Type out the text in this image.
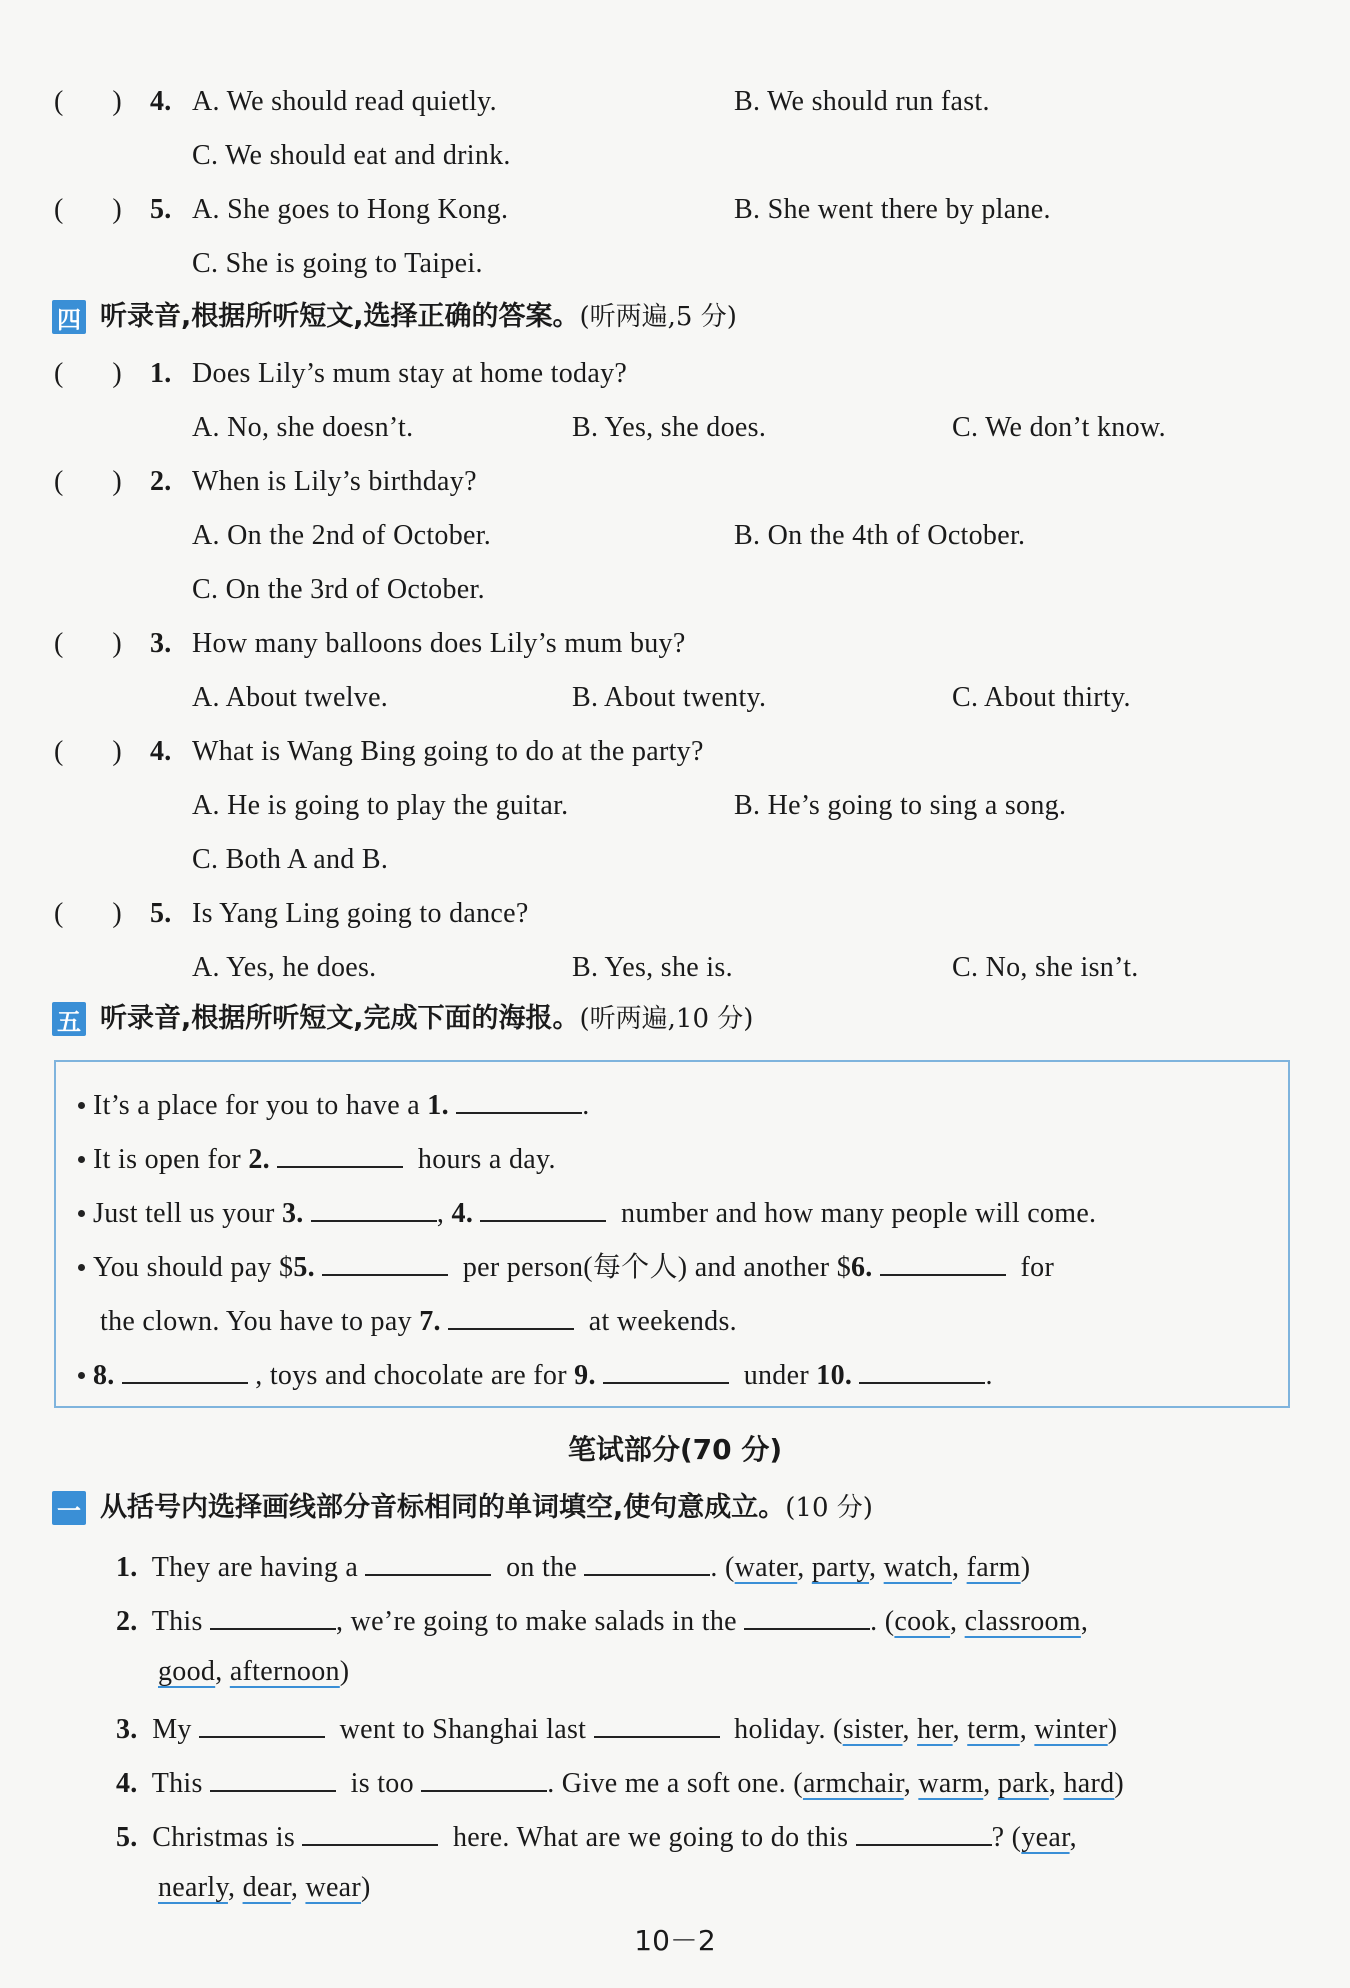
(       ) 4. A. We should read quietly.	B. We should run fast.
C. We should eat and drink.
(       ) 5. A. She goes to Hong Kong.	B. She went there by plane.
C. She is going to Taipei.
四 听录音,根据所听短文,选择正确的答案。(听两遍,5 分)
(       ) 1. Does Lily’s mum stay at home today?
A. No, she doesn’t.	B. Yes, she does.	C. We don’t know.
(       ) 2. When is Lily’s birthday?
A. On the 2nd of October.	B. On the 4th of October.
C. On the 3rd of October.
(       ) 3. How many balloons does Lily’s mum buy?
A. About twelve.	B. About twenty.	C. About thirty.
(       ) 4. What is Wang Bing going to do at the party?
A. He is going to play the guitar.	B. He’s going to sing a song.
C. Both A and B.
(       ) 5. Is Yang Ling going to dance?
A. Yes, he does.	B. Yes, she is.	C. No, she isn’t.
五 听录音,根据所听短文,完成下面的海报。(听两遍,10 分)
It’s a place for you to have a 1.	.
It is open for 2.	hours a day.
Just tell us your 3.	, 4.	number and how many people will come.
You should pay $5.	per person(每个人) and another $6.	for
the clown. You have to pay 7.	at weekends.
8.	, toys and chocolate are for 9.	under 10.	.
笔试部分(70 分)
一 从括号内选择画线部分音标相同的单词填空,使句意成立。(10 分)
1. They are having a	on the	. (water, party, watch, farm)
2. This	, we’re going to make salads in the	. (cook, classroom,
good, afternoon)
3. My	went to Shanghai last	holiday. (sister, her, term, winter)
4. This	is too	. Give me a soft one. (armchair, warm, park, hard)
5. Christmas is	here. What are we going to do this	? (year,
nearly, dear, wear)
10－2
